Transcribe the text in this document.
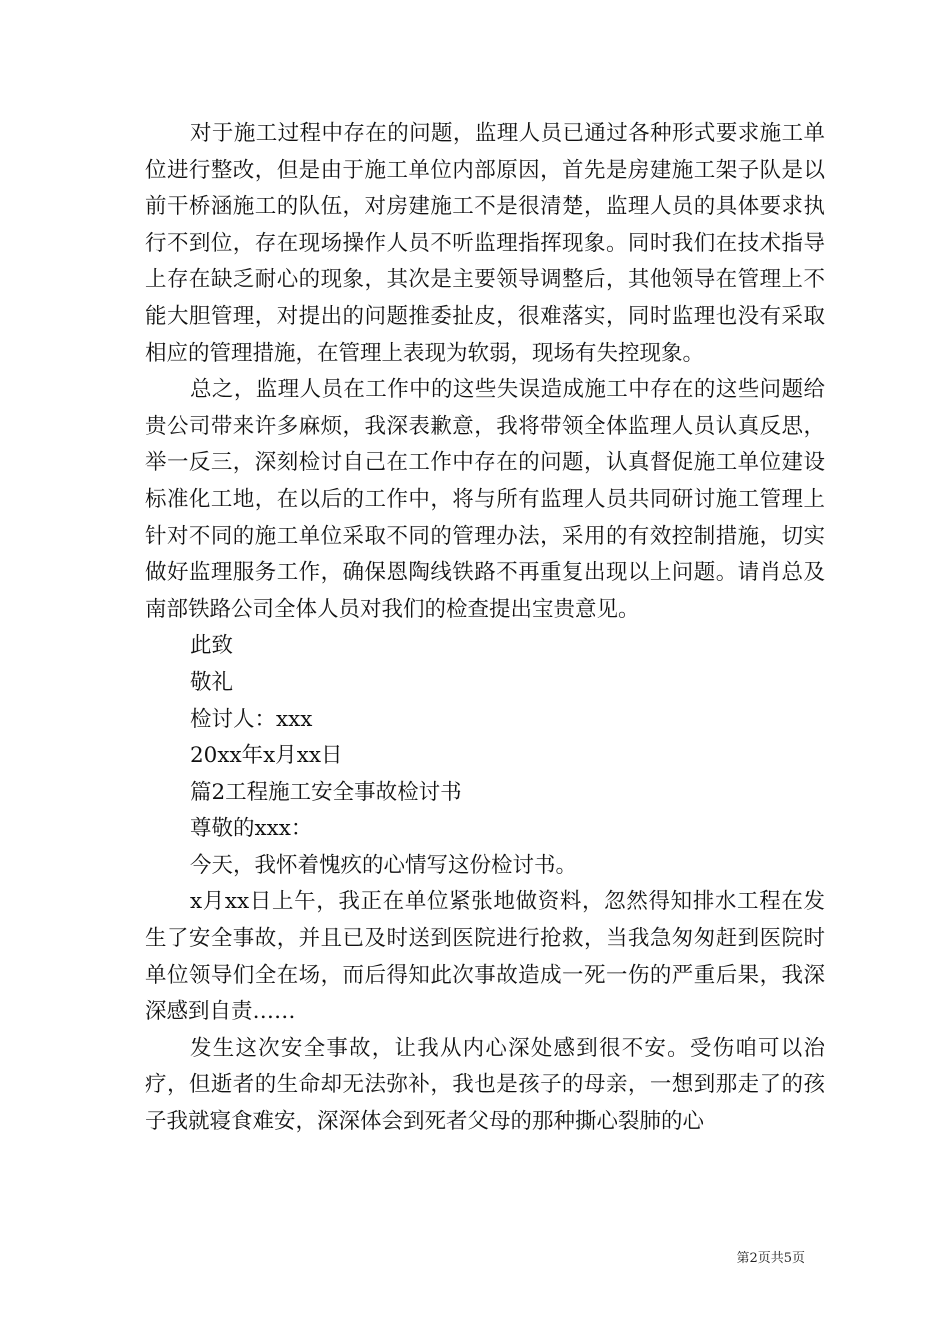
对于施工过程中存在的问题，监理人员已通过各种形式要求施工单位进行整改，但是由于施工单位内部原因，首先是房建施工架子队是以前干桥涵施工的队伍，对房建施工不是很清楚，监理人员的具体要求执行不到位，存在现场操作人员不听监理指挥现象。同时我们在技术指导上存在缺乏耐心的现象，其次是主要领导调整后，其他领导在管理上不能大胆管理，对提出的问题推委扯皮，很难落实，同时监理也没有采取相应的管理措施，在管理上表现为软弱，现场有失控现象。

总之，监理人员在工作中的这些失误造成施工中存在的这些问题给贵公司带来许多麻烦，我深表歉意，我将带领全体监理人员认真反思，举一反三，深刻检讨自己在工作中存在的问题，认真督促施工单位建设标准化工地，在以后的工作中，将与所有监理人员共同研讨施工管理上针对不同的施工单位采取不同的管理办法，采用的有效控制措施，切实做好监理服务工作，确保恩陶线铁路不再重复出现以上问题。请肖总及南部铁路公司全体人员对我们的检查提出宝贵意见。

此致

敬礼

检讨人：xxx

20xx年x月xx日

篇2工程施工安全事故检讨书

尊敬的xxx：

今天，我怀着愧疚的心情写这份检讨书。

x月xx日上午，我正在单位紧张地做资料，忽然得知排水工程在发生了安全事故，并且已及时送到医院进行抢救，当我急匆匆赶到医院时单位领导们全在场，而后得知此次事故造成一死一伤的严重后果，我深深感到自责……

发生这次安全事故，让我从内心深处感到很不安。受伤咱可以治疗，但逝者的生命却无法弥补，我也是孩子的母亲，一想到那走了的孩子我就寝食难安，深深体会到死者父母的那种撕心裂肺的心

第2页共5页
